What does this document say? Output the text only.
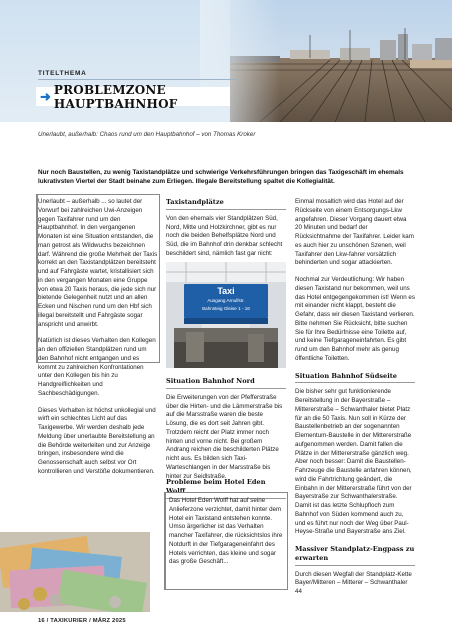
TITELTHEMA
➜ PROBLEMZONE HAUPTBAHNHOF
Unerlaubt, außerhalb: Chaos rund um den Hauptbahnhof – von Thomas Kroker
Nur noch Baustellen, zu wenig Taxistandplätze und schwierige Verkehrsführungen bringen das Taxigeschäft im ehemals lukrativsten Viertel der Stadt beinahe zum Erliegen. Illegale Bereitstellung spaltet die Kollegialität.

Unerlaubt – außerhalb ... so lautet der Vorwurf bei zahlreichen Uwi-Anzeigen gegen Taxifahrer rund um den Hauptbahnhof. In den vergangenen Monaten ist eine Situation entstanden, die man getrost als Wildwuchs bezeichnen darf. Während die große Mehrheit der Taxis korrekt an den Taxistandplätzen bereitsteht und auf Fahrgäste wartet, kristallisiert sich in den vergangen Monaten eine Gruppe von etwa 20 Taxis heraus, die jede sich nur bietende Gelegenheit nutzt und an allen Ecken und Nischen rund um den Hbf sich illegal bereitstellt und Fahrgäste sogar anspricht und anwirbt.

Natürlich ist dieses Verhalten den Kollegen an den offiziellen Standplätzen rund um den Bahnhof nicht entgangen und es kommt zu zahlreichen Konfrontationen unter den Kollegen bis hin zu Handgreiflichkeiten und Sachbeschädigungen.

Dieses Verhalten ist höchst unkollegial und wirft ein schlechtes Licht auf das Taxigewerbe. Wir werden deshalb jede Meldung über unerlaubte Bereitstellung an die Behörde weiterleiten und zur Anzeige bringen, insbesondere wind die Genossenschaft auch selbst vor Ort kontrollieren und Verstöße dokumentieren.

Taxistandplätze

Von den ehemals vier Standplätzen Süd, Nord, Mitte und Holzkirchner, gibt es nur noch die beiden Behelfsplätze Nord und Süd, die im Bahnhof drin denkbar schlecht beschildert sind, nämlich fast gar nicht:

Taxi
Ausgang Arnulfstr.
Bahnsteig Gleise 1 - 16
Situation Bahnhof Nord

Die Erweiterungen von der Pfefferstraße über die Hirten- und die Lämmerstraße bis auf die Marsstraße waren die beste Lösung, die es dort seit Jahren gibt. Trotzdem reicht der Platz immer noch hinten und vorne nicht. Bei großem Andrang reichen die beschilderten Plätze nicht aus. Es bilden sich Taxi-Warteschlangen in der Marsstraße bis hinter zur Seidlstraße.

Probleme beim Hotel Eden Wolff

Das Hotel Eden Wolff hat auf seine Anlieferzone verzichtet, damit hinter dem Hotel ein Taxistand entstehen konnte. Umso ärgerlicher ist das Verhalten mancher Taxifahrer, die rücksichtslos ihre Notdurft in der Tiefgarageneinfahrt des Hotels verrichten, das kleine und sogar das große Geschäft...

Einmal mosaltich wird das Hotel auf der Rückseite von einem Entsorgungs-Lkw angefahren. Dieser Vorgang dauert etwa 20 Minuten und bedarf der Rücksichtnahme der Taxifahrer. Leider kam es auch hier zu unschönen Szenen, weil Taxifahrer den Lkw-fahrer vorsätzlich behinderten und sogar attackierten.

Nochmal zur Verdeutlichung: Wir haben diesen Taxistand nur bekommen, weil uns das Hotel entgegengekommen ist! Wenn es mit einander nicht klappt, besteht die Gefahr, dass wir diesen Taxistand verlieren. Bitte nehmen Sie Rücksicht, bitte suchen Sie für Ihre Bedürfnisse eine Toilette auf, und keine Tiefgarageneinfahrten. Es gibt rund um den Bahnhof mehr als genug öffentliche Toiletten.

Situation Bahnhof Südseite

Die bisher sehr gut funktionierende Bereitstellung in der Bayerstraße – Mittererstraße – Schwanthaler bietet Platz für an die 50 Taxis. Nun soll in Kürze der Baustellenbetrieb an der sogenannten Elementum-Baustelle in der Mittererstraße aufgenommen werden. Damit fallen die Plätze in der Mittererstraße gänzlich weg. Aber noch besser: Damit die Baustellen-Fahrzeuge die Baustelle anfahren können, wird die Fahrtrichtung geändert, die Einbahn in der Mittererstraße führt von der Bayerstraße zur Schwanthalerstraße. Damit ist das letzte Schlupfloch zum Bahnhof von Süden kommend auch zu, und es führt nur noch der Weg über Paul-Heyse-Straße und Bayerstraße ans Ziel.

Massiver Standplatz-Engpass zu erwarten

Durch diesen Wegfall der Standplatz-Kette Bayer/Mitteren – Mitterer – Schwanthaler 44

16 / TAXIKURIER / MÄRZ 2025
